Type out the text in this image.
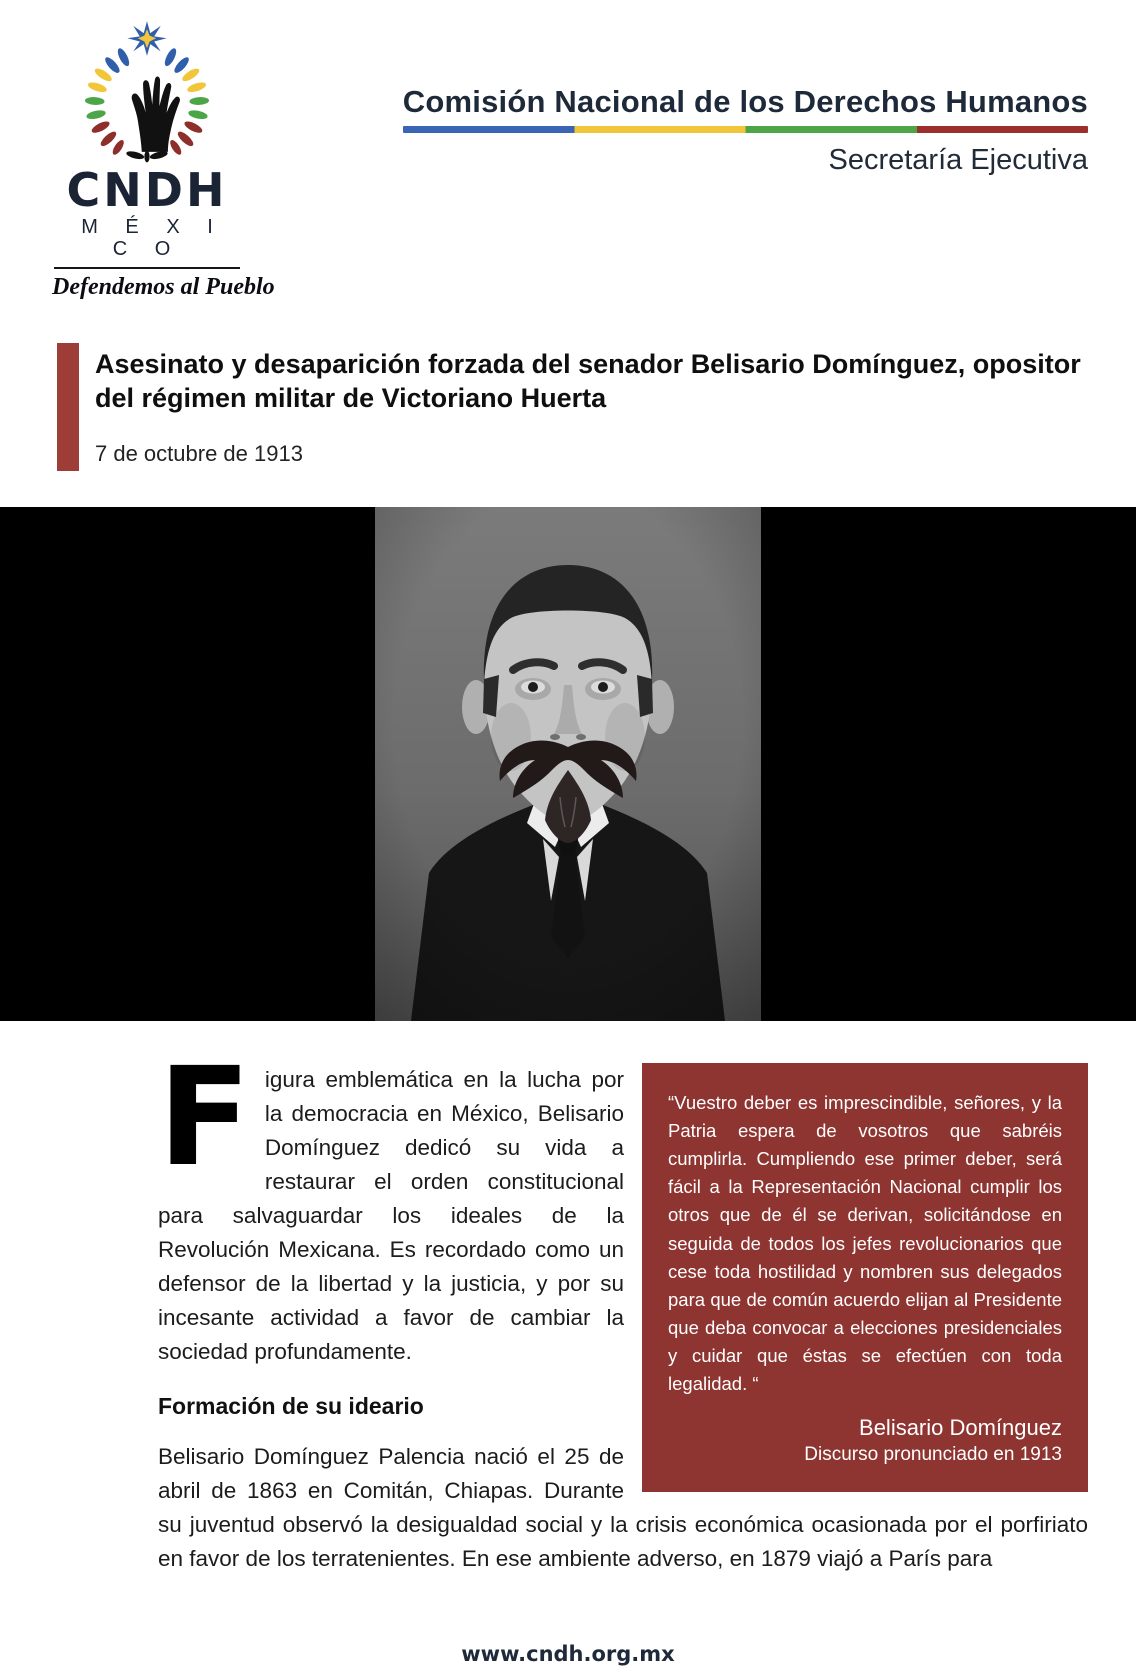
CNDH
M É X I C O
Defendemos al Pueblo
Comisión Nacional de los Derechos Humanos
Secretaría Ejecutiva
Asesinato y desaparición forzada del senador Belisario Domínguez, opositor del régimen militar de Victoriano Huerta
7 de octubre de 1913
“Vuestro deber es imprescindible, señores, y la Patria espera de vosotros que sabréis cumplirla. Cumpliendo ese primer deber, será fácil a la Representación Nacional cumplir los otros que de él se derivan, solicitándose en seguida de todos los jefes revolucionarios que cese toda hostilidad y nombren sus delegados para que de común acuerdo elijan al Presidente que deba convocar a elecciones presidenciales y cuidar que éstas se efectúen con toda legalidad. “
Belisario Domínguez
Discurso pronunciado en 1913

Figura emblemática en la lucha por la democracia en México, Belisario Domínguez dedicó su vida a restaurar el orden constitucional para salvaguardar los ideales de la Revolución Mexicana. Es recordado como un defensor de la libertad y la justicia, y por su incesante actividad a favor de cambiar la sociedad profundamente.

Formación de su ideario

Belisario Domínguez Palencia nació el 25 de abril de 1863 en Comitán, Chiapas. Durante su juventud observó la desigualdad social y la crisis económica ocasionada por el porfiriato en favor de los terratenientes. En ese ambiente adverso, en 1879 viajó a París para

www.cndh.org.mx
